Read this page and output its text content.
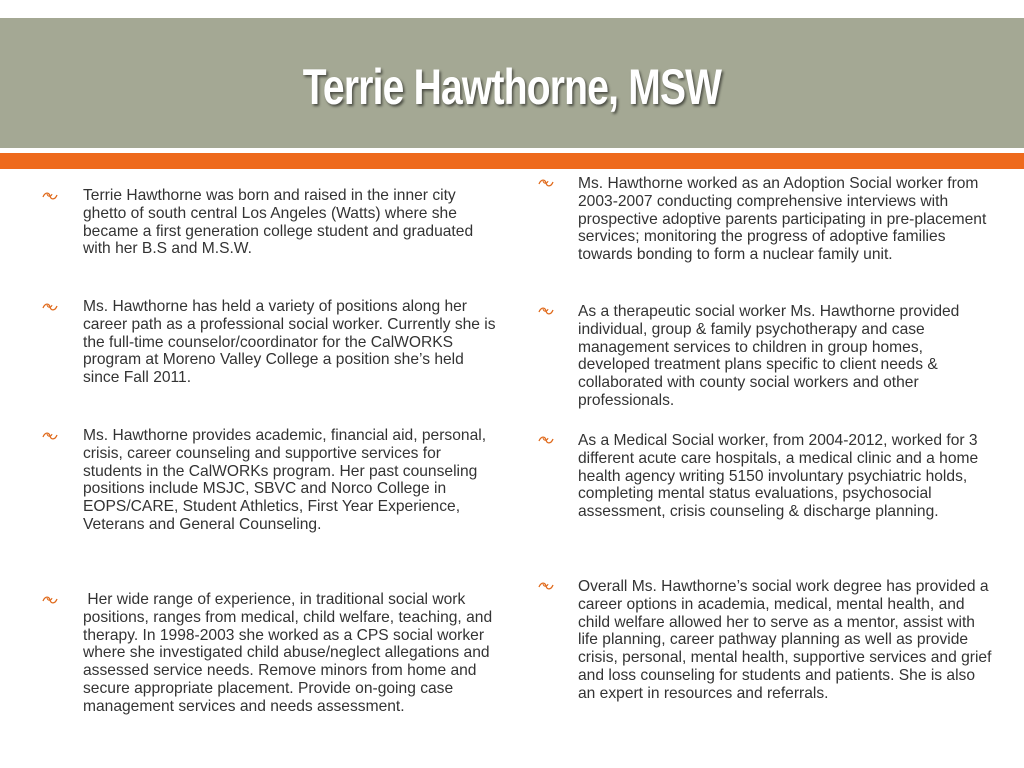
Terrie Hawthorne, MSW
Terrie Hawthorne was born and raised in the inner city ghetto of south central Los Angeles (Watts) where she became a first generation college student and graduated with her B.S and M.S.W.
Ms. Hawthorne has held a variety of positions along her career path as a professional social worker. Currently she is the full-time counselor/coordinator for the CalWORKS program at Moreno Valley College a position she’s held since Fall 2011.
Ms. Hawthorne provides academic, financial aid, personal, crisis, career counseling and supportive services for students in the CalWORKs program. Her past counseling positions include MSJC, SBVC and Norco College in EOPS/CARE, Student Athletics, First Year Experience, Veterans and General Counseling.
Her wide range of experience, in traditional social work positions, ranges from medical, child welfare, teaching, and therapy. In 1998-2003 she worked as a CPS social worker where she investigated child abuse/neglect allegations and assessed service needs. Remove minors from home and secure appropriate placement. Provide on-going case management services and needs assessment.
Ms. Hawthorne worked as an Adoption Social worker from 2003-2007 conducting comprehensive interviews with prospective adoptive parents participating in pre-placement services; monitoring the progress of adoptive families towards bonding to form a nuclear family unit.
As a therapeutic social worker Ms. Hawthorne provided individual, group & family psychotherapy and case management services to children in group homes, developed treatment plans specific to client needs & collaborated with county social workers and other professionals.
As a Medical Social worker, from 2004-2012, worked for 3 different acute care hospitals, a medical clinic and a home health agency writing 5150 involuntary psychiatric holds, completing mental status evaluations, psychosocial assessment, crisis counseling & discharge planning.
Overall Ms. Hawthorne’s social work degree has provided a career options in academia, medical, mental health, and child welfare allowed her to serve as a mentor, assist with life planning, career pathway planning as well as provide crisis, personal, mental health, supportive services and grief and loss counseling for students and patients. She is also an expert in resources and referrals.
